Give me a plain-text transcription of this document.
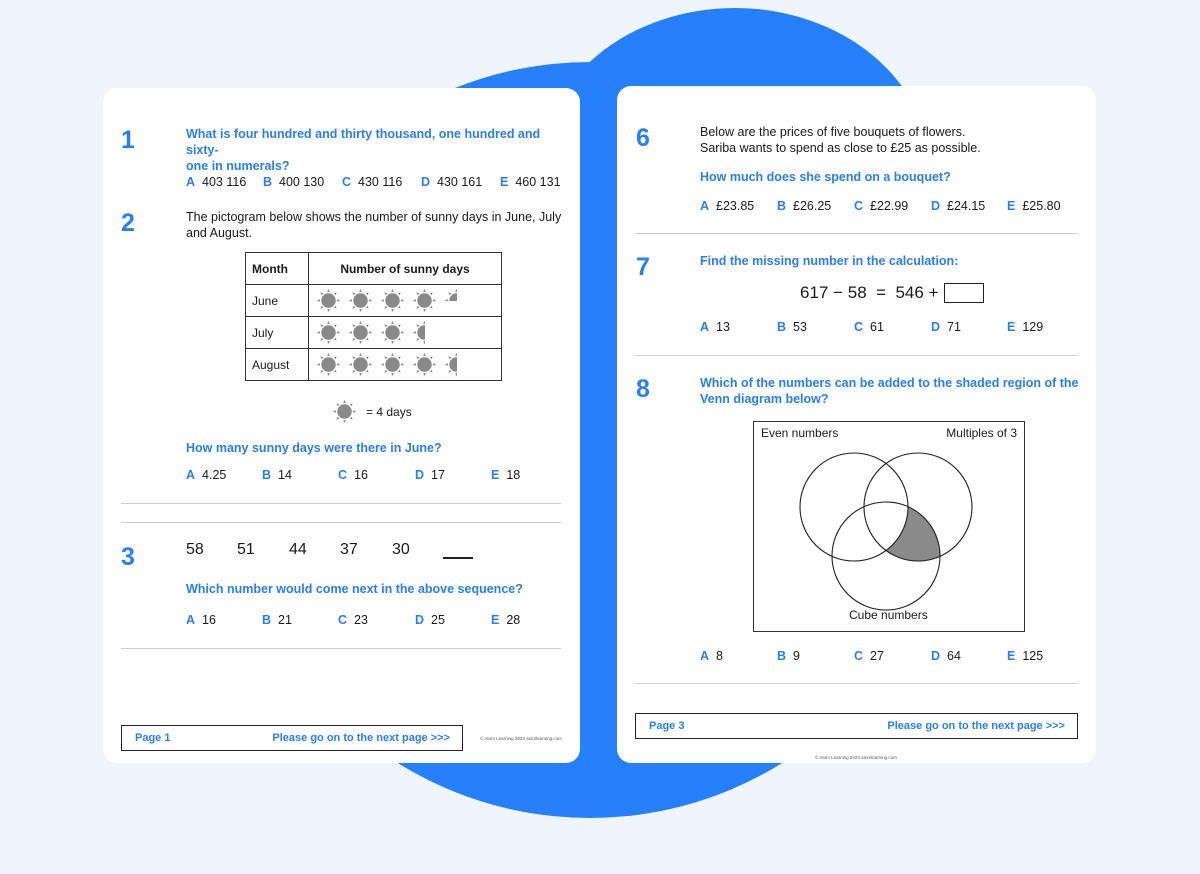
1	What is four hundred and thirty thousand, one hundred and sixty-
one in numerals?
A 403 116 B 400 130 C 430 116 D 430 161 E 460 131
2	The pictogram below shows the number of sunny days in June, July
and August.
Month	Number of sunny days
June	

July	

August	
= 4 days
How many sunny days were there in June?
A 4.25	B 14	C 16	D 17	E 18
3	58 51 44 37 30
Which number would come next in the above sequence?
A 16	B 21	C 23	D 25	E 28
Page 1	Please go on to the next page >>>	© Atom Learning 2023 atomlearning.com
6	Below are the prices of five bouquets of flowers.
Sariba wants to spend as close to £25 as possible.
How much does she spend on a bouquet?
A £23.85 B £26.25 C £22.99 D £24.15 E £25.80
7	Find the missing number in the calculation:
617 − 58  =  546 +
A 13	B 53	C 61	D 71	E 129
8	Which of the numbers can be added to the shaded region of the
Venn diagram below?
Even numbers	Multiples of 3
Cube numbers
A 8	B 9	C 27	D 64	E 125
Page 3	Please go on to the next page >>>
© Atom Learning 2023 atomlearning.com
